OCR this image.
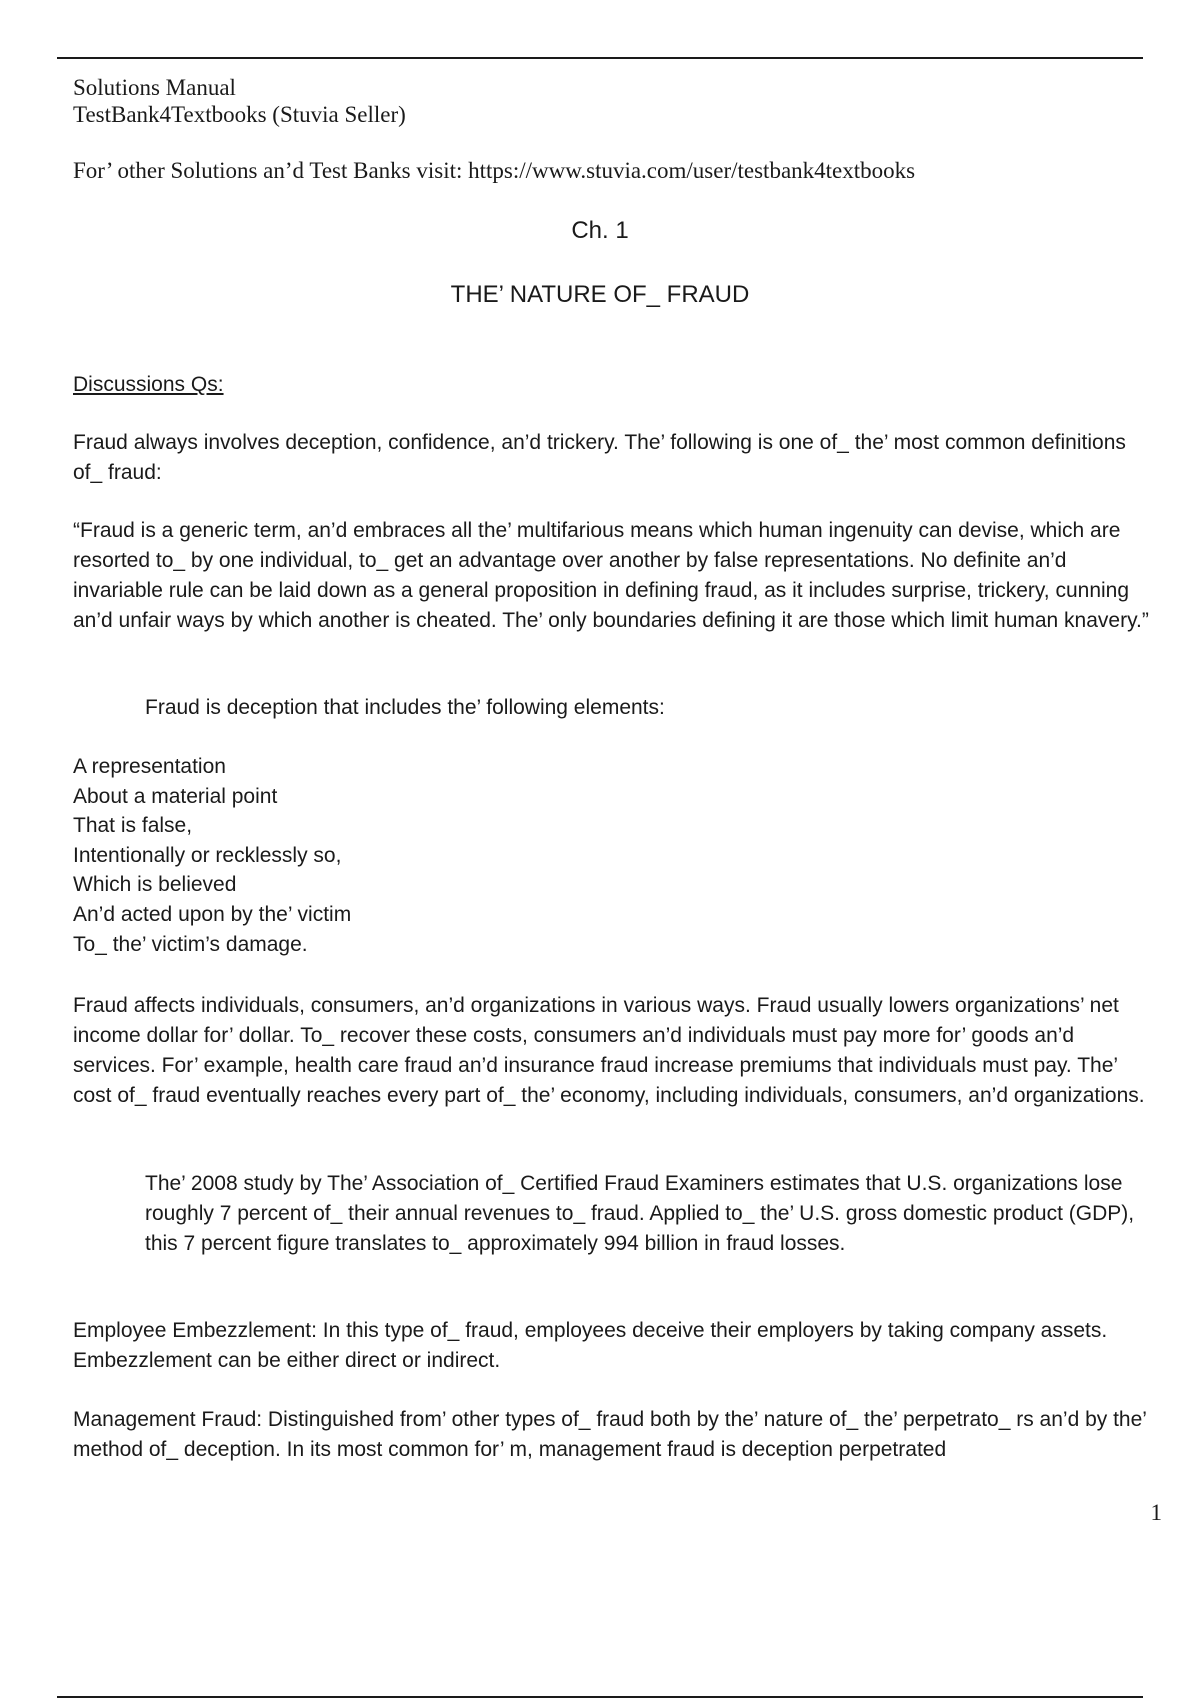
Solutions Manual
TestBank4Textbooks (Stuvia Seller)
For’ other Solutions an’d Test Banks visit: https://www.stuvia.com/user/testbank4textbooks
Ch. 1
THE’ NATURE OF_ FRAUD
Discussions Qs:
Fraud always involves deception, confidence, an’d trickery. The’ following is one of_ the’ most common definitions of_ fraud:
“Fraud is a generic term, an’d embraces all the’ multifarious means which human ingenuity can devise, which are resorted to_ by one individual, to_ get an advantage over another by false representations. No definite an’d invariable rule can be laid down as a general proposition in defining fraud, as it includes surprise, trickery, cunning an’d unfair ways by which another is cheated. The’ only boundaries defining it are those which limit human knavery.”
Fraud is deception that includes the’ following elements:
A representation
About a material point
That is false,
Intentionally or recklessly so,
Which is believed
An’d acted upon by the’ victim
To_ the’ victim’s damage.
Fraud affects individuals, consumers, an’d organizations in various ways. Fraud usually lowers organizations’ net income dollar for’ dollar. To_ recover these costs, consumers an’d individuals must pay more for’ goods an’d services. For’ example, health care fraud an’d insurance fraud increase premiums that individuals must pay. The’ cost of_ fraud eventually reaches every part of_ the’ economy, including individuals, consumers, an’d organizations.
The’ 2008 study by The’ Association of_ Certified Fraud Examiners estimates that U.S. organizations lose roughly 7 percent of_ their annual revenues to_ fraud. Applied to_ the’ U.S. gross domestic product (GDP), this 7 percent figure translates to_ approximately 994 billion in fraud losses.
Employee Embezzlement: In this type of_ fraud, employees deceive their employers by taking company assets. Embezzlement can be either direct or indirect.
Management Fraud: Distinguished from’ other types of_ fraud both by the’ nature of_ the’ perpetrato_ rs an’d by the’ method of_ deception. In its most common for’ m, management fraud is deception perpetrated
1
